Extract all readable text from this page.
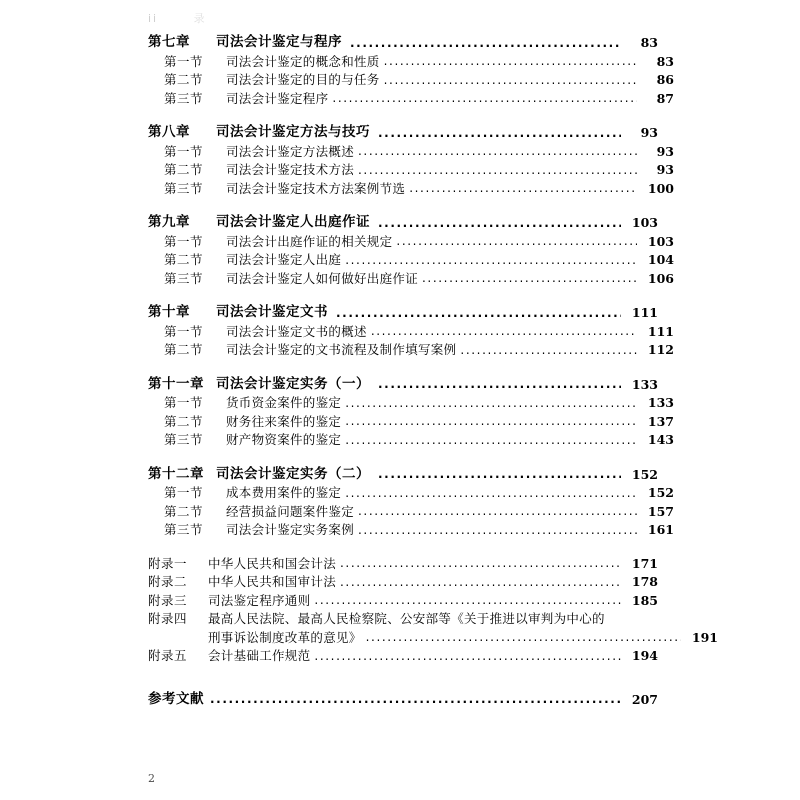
ii	录
第七章	司法会计鉴定与程序 .....	83
第一节	司法会计鉴定的概念和性质 .....	83
第二节	司法会计鉴定的目的与任务 .....	86
第三节	司法会计鉴定程序 .....	87
第八章	司法会计鉴定方法与技巧 .....	93
第一节	司法会计鉴定方法概述 .....	93
第二节	司法会计鉴定技术方法 .....	93
第三节	司法会计鉴定技术方法案例节选 .....	100
第九章	司法会计鉴定人出庭作证 .....	103
第一节	司法会计出庭作证的相关规定 .....	103
第二节	司法会计鉴定人出庭 .....	104
第三节	司法会计鉴定人如何做好出庭作证 .....	106
第十章	司法会计鉴定文书 .....	111
第一节	司法会计鉴定文书的概述 .....	111
第二节	司法会计鉴定的文书流程及制作填写案例 .....	112
第十一章 司法会计鉴定实务（一） .....	133
第一节	货币资金案件的鉴定 .....	133
第二节	财务往来案件的鉴定 .....	137
第三节	财产物资案件的鉴定 .....	143
第十二章 司法会计鉴定实务（二） .....	152
第一节	成本费用案件的鉴定 .....	152
第二节	经营损益问题案件鉴定 .....	157
第三节	司法会计鉴定实务案例 .....	161
附录一	中华人民共和国会计法 .....	171
附录二	中华人民共和国审计法 .....	178
附录三	司法鉴定程序通则 .....	185
附录四	最高人民法院、最高人民检察院、公安部等《关于推进以审判为中心的
刑事诉讼制度改革的意见》 .....	191
附录五	会计基础工作规范 .....	194
参考文献 .....	207
2
